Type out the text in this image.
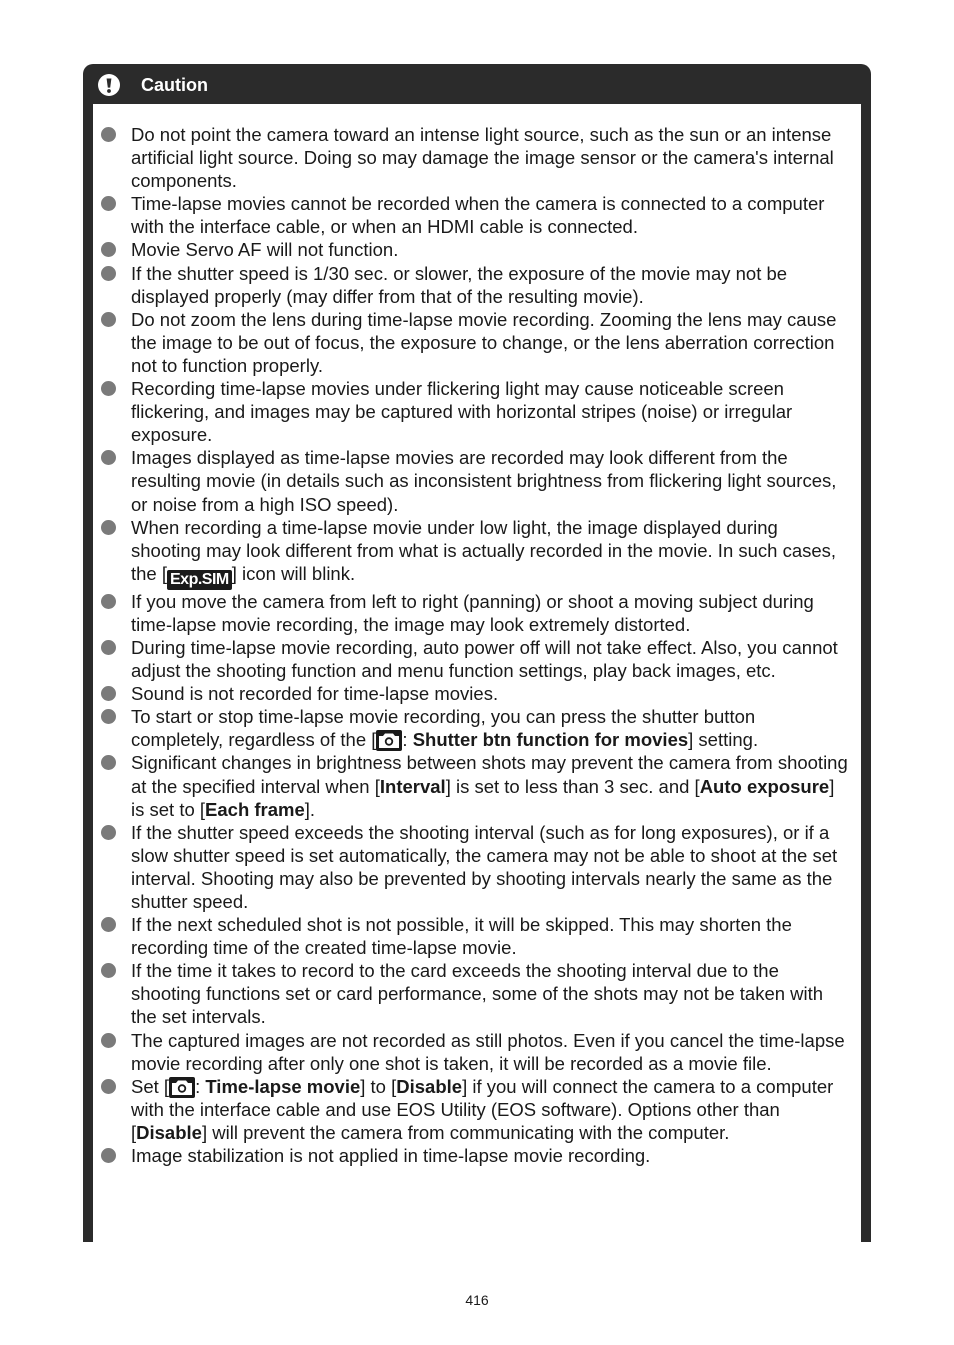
Caution
Do not point the camera toward an intense light source, such as the sun or an intense artificial light source. Doing so may damage the image sensor or the camera's internal components.
Time-lapse movies cannot be recorded when the camera is connected to a computer with the interface cable, or when an HDMI cable is connected.
Movie Servo AF will not function.
If the shutter speed is 1/30 sec. or slower, the exposure of the movie may not be displayed properly (may differ from that of the resulting movie).
Do not zoom the lens during time-lapse movie recording. Zooming the lens may cause the image to be out of focus, the exposure to change, or the lens aberration correction not to function properly.
Recording time-lapse movies under flickering light may cause noticeable screen flickering, and images may be captured with horizontal stripes (noise) or irregular exposure.
Images displayed as time-lapse movies are recorded may look different from the resulting movie (in details such as inconsistent brightness from flickering light sources, or noise from a high ISO speed).
When recording a time-lapse movie under low light, the image displayed during shooting may look different from what is actually recorded in the movie. In such cases, the [ Exp.SIM ] icon will blink.
If you move the camera from left to right (panning) or shoot a moving subject during time-lapse movie recording, the image may look extremely distorted.
During time-lapse movie recording, auto power off will not take effect. Also, you cannot adjust the shooting function and menu function settings, play back images, etc.
Sound is not recorded for time-lapse movies.
To start or stop time-lapse movie recording, you can press the shutter button completely, regardless of the [ : Shutter btn function for movies] setting.
Significant changes in brightness between shots may prevent the camera from shooting at the specified interval when [Interval] is set to less than 3 sec. and [Auto exposure] is set to [Each frame].
If the shutter speed exceeds the shooting interval (such as for long exposures), or if a slow shutter speed is set automatically, the camera may not be able to shoot at the set interval. Shooting may also be prevented by shooting intervals nearly the same as the shutter speed.
If the next scheduled shot is not possible, it will be skipped. This may shorten the recording time of the created time-lapse movie.
If the time it takes to record to the card exceeds the shooting interval due to the shooting functions set or card performance, some of the shots may not be taken with the set intervals.
The captured images are not recorded as still photos. Even if you cancel the time-lapse movie recording after only one shot is taken, it will be recorded as a movie file.
Set [ : Time-lapse movie] to [Disable] if you will connect the camera to a computer with the interface cable and use EOS Utility (EOS software). Options other than [Disable] will prevent the camera from communicating with the computer.
Image stabilization is not applied in time-lapse movie recording.
416
